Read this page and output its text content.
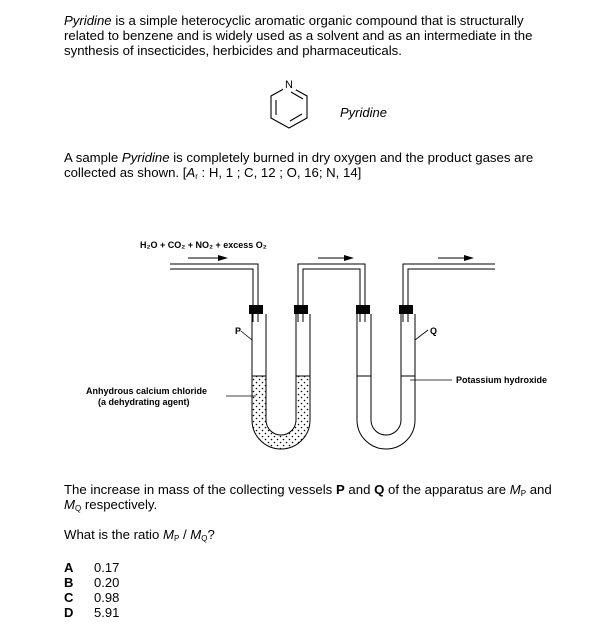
Pyridine is a simple heterocyclic aromatic organic compound that is structurally related to benzene and is widely used as a solvent and as an intermediate in the synthesis of insecticides, herbicides and pharmaceuticals.
N
Pyridine
A sample Pyridine is completely burned in dry oxygen and the product gases are collected as shown. [$A_r$ : H, 1 ; C, 12 ; O, 16; N, 14]
H₂O + CO₂ + NO₂ + excess O₂
P	Q
Anhydrous calcium chloride
(a dehydrating agent)
Potassium hydroxide
The increase in mass of the collecting vessels P and Q of the apparatus are $M_P$ and $M_Q$ respectively.
What is the ratio $M_P / M_Q$?
A 0.17
B 0.20
C 0.98
D 5.91
